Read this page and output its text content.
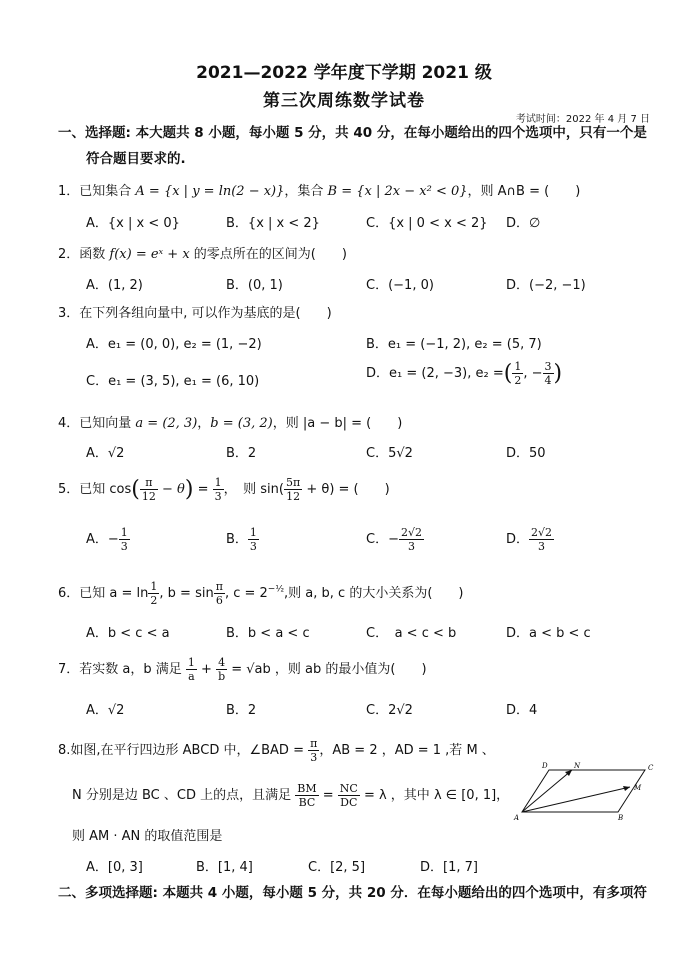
2021—2022 学年度下学期 2021 级
第三次周练数学试卷
考试时间：2022 年 4 月 7 日
一、选择题: 本大题共 8 小题，每小题 5 分，共 40 分，在每小题给出的四个选项中，只有一个是
符合题目要求的.
1．已知集合 A = {x | y = ln(2 − x)}，集合 B = {x | 2x − x² < 0}，则 A∩B = (　　)
A．{x | x < 0}	B．{x | x < 2}	C．{x | 0 < x < 2} D．∅
2．函数 f(x) = eˣ + x 的零点所在的区间为(　　)
A．(1, 2)	B．(0, 1)	C．(−1, 0)	D．(−2, −1)
3．在下列各组向量中, 可以作为基底的是(　　)
A．e₁ = (0, 0), e₂ = (1, −2)	B．e₁ = (−1, 2), e₂ = (5, 7)
C．e₁ = (3, 5), e₁ = (6, 10)
D．e₁ = (2, −3), e₂ =( $\frac{1}{2}$ , − $\frac{3}{4}$ )
4．已知向量 a = (2, 3)，b = (3, 2)，则 |a − b| = (　　)
A．√2	B．2	C．5√2	D．50
5．已知 $\cos( \frac{\pi}{12} - \theta) = \frac{1}{3}$ ，　则 $\sin( \frac{5\pi}{12} + \theta)$ = (　　)
A．− $\frac{1}{3}$	B． $\frac{1}{3}$	C．− $\frac{2√2}{3}$	D． $\frac{2√2}{3}$
6．已知 $a = \ln \frac{1}{2}$ , $b = \sin \frac{\pi}{6}$ , $c = 2^{-\frac{1}{2}}$,则 a, b, c 的大小关系为(　　)
A．b < c < a	B．b < a < c	C．　a < c < b	D．a < b < c
7．若实数 a，b 满足 $\frac{1}{a} + \frac{4}{b} = √ab$ ，则 ab 的最小值为(　　)
A．√2	B．2	C．2√2	D．4
8.如图,在平行四边形 ABCD 中，∠BAD = $\frac{\pi}{3}$ ，AB = 2 ，AD = 1 ,若 M 、
N 分别是边 BC 、CD 上的点，且满足 $\frac{BM}{BC} = \frac{NC}{DC} = \lambda$ ，其中 λ ∈ [0, 1]，
则 AM · AN 的取值范围是
A．[0, 3]	B．[1, 4]	C．[2, 5]	D．[1, 7]
A	B
C
D
M
N
二、多项选择题: 本题共 4 小题，每小题 5 分，共 20 分．在每小题给出的四个选项中，有多项符
